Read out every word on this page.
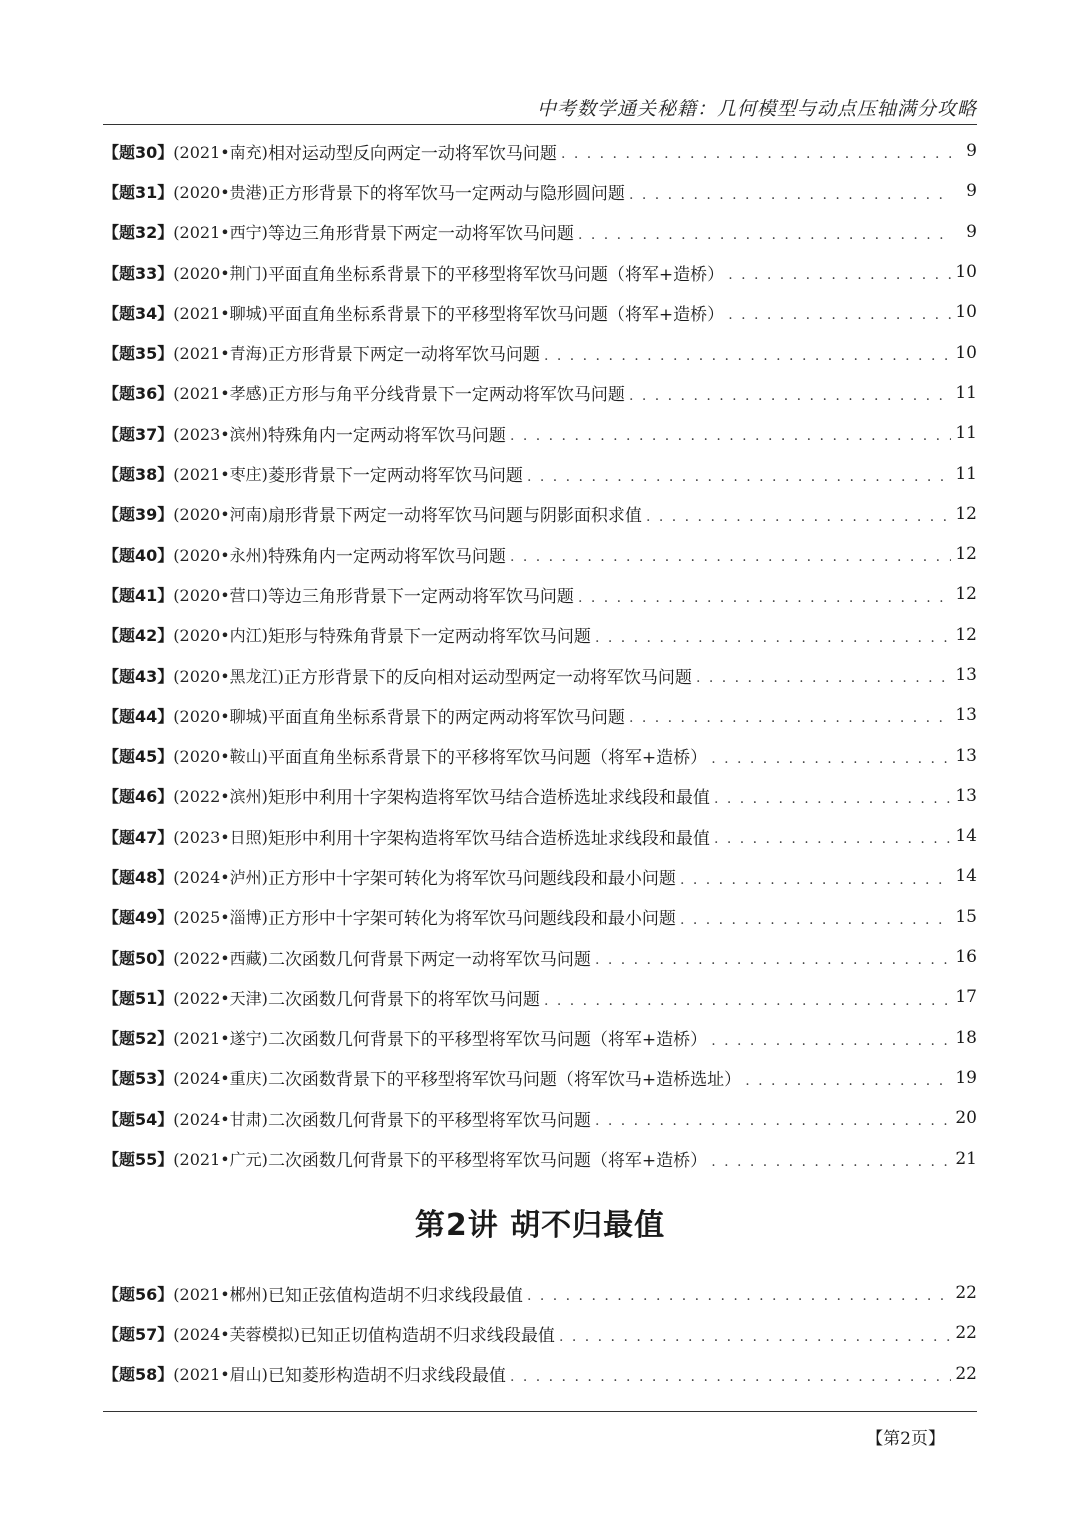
中考数学通关秘籍：几何模型与动点压轴满分攻略
【题30】 (2021•南充) 相对运动型反向两定一动将军饮马问题 . . .	9
【题31】 (2020•贵港) 正方形背景下的将军饮马一定两动与隐形圆问题 . . .	9
【题32】 (2021•西宁) 等边三角形背景下两定一动将军饮马问题 . . .	9
【题33】 (2020•荆门) 平面直角坐标系背景下的平移型将军饮马问题（将军+造桥） . . .	10
【题34】 (2021•聊城) 平面直角坐标系背景下的平移型将军饮马问题（将军+造桥） . . .	10
【题35】 (2021•青海) 正方形背景下两定一动将军饮马问题 . . .	10
【题36】 (2021•孝感) 正方形与角平分线背景下一定两动将军饮马问题 . . .	11
【题37】 (2023•滨州) 特殊角内一定两动将军饮马问题 . . .	11
【题38】 (2021•枣庄) 菱形背景下一定两动将军饮马问题 . . .	11
【题39】 (2020•河南) 扇形背景下两定一动将军饮马问题与阴影面积求值 . . .	12
【题40】 (2020•永州) 特殊角内一定两动将军饮马问题 . . .	12
【题41】 (2020•营口) 等边三角形背景下一定两动将军饮马问题 . . .	12
【题42】 (2020•内江) 矩形与特殊角背景下一定两动将军饮马问题 . . .	12
【题43】 (2020•黑龙江) 正方形背景下的反向相对运动型两定一动将军饮马问题 . . .	13
【题44】 (2020•聊城) 平面直角坐标系背景下的两定两动将军饮马问题 . . .	13
【题45】 (2020•鞍山) 平面直角坐标系背景下的平移将军饮马问题（将军+造桥） . . .	13
【题46】 (2022•滨州) 矩形中利用十字架构造将军饮马结合造桥选址求线段和最值 . . .	13
【题47】 (2023•日照) 矩形中利用十字架构造将军饮马结合造桥选址求线段和最值 . . .	14
【题48】 (2024•泸州) 正方形中十字架可转化为将军饮马问题线段和最小问题 . . .	14
【题49】 (2025•淄博) 正方形中十字架可转化为将军饮马问题线段和最小问题 . . .	15
【题50】 (2022•西藏) 二次函数几何背景下两定一动将军饮马问题 . . .	16
【题51】 (2022•天津) 二次函数几何背景下的将军饮马问题 . . .	17
【题52】 (2021•遂宁) 二次函数几何背景下的平移型将军饮马问题（将军+造桥） . . .	18
【题53】 (2024•重庆) 二次函数背景下的平移型将军饮马问题（将军饮马+造桥选址） . . .	19
【题54】 (2024•甘肃) 二次函数几何背景下的平移型将军饮马问题 . . .	20
【题55】 (2021•广元) 二次函数几何背景下的平移型将军饮马问题（将军+造桥） . . .	21
第2讲 胡不归最值
【题56】 (2021•郴州) 已知正弦值构造胡不归求线段最值 . . .	22
【题57】 (2024•芙蓉模拟) 已知正切值构造胡不归求线段最值 . . .	22
【题58】 (2021•眉山) 已知菱形构造胡不归求线段最值 . . .	22
【第2页】
